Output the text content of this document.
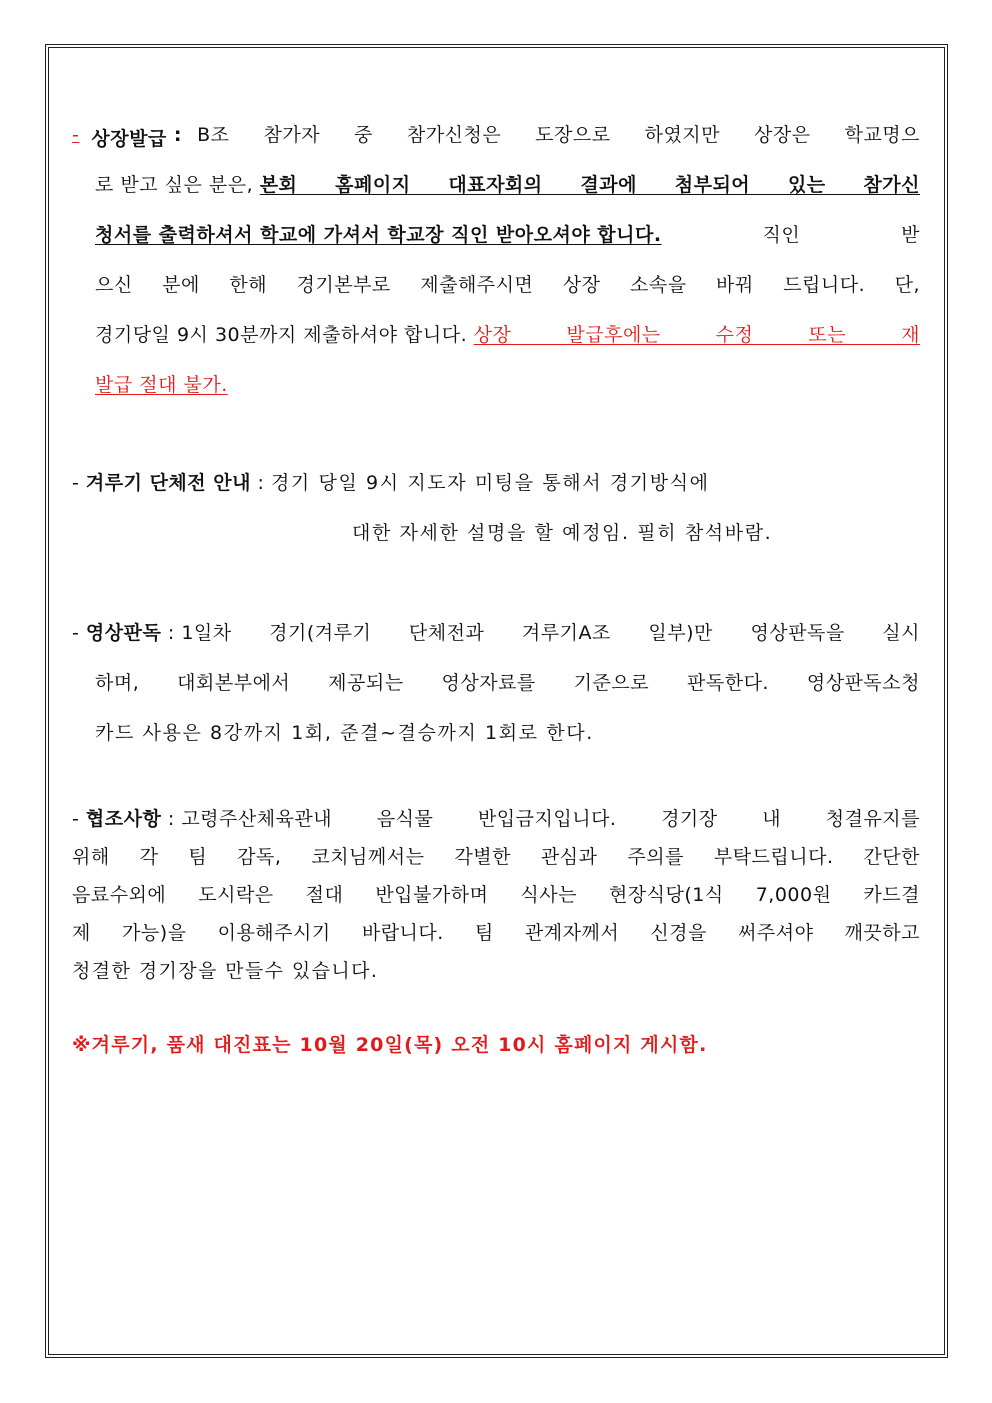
- 상장발급 : B조 참가자 중 참가신청은 도장으로 하였지만 상장은 학교명으
로 받고 싶은 분은, 본회 홈페이지 대표자회의 결과에 첨부되어 있는 참가신
청서를 출력하셔서 학교에 가셔서 학교장 직인 받아오셔야 합니다. 직인 받
으신 분에 한해 경기본부로 제출해주시면 상장 소속을 바꿔 드립니다. 단,
경기당일 9시 30분까지 제출하셔야 합니다. 상장 발급후에는 수정 또는 재
발급 절대 불가.
- 겨루기 단체전 안내 : 경기 당일 9시 지도자 미팅을 통해서 경기방식에
대한 자세한 설명을 할 예정임. 필히 참석바람.
- 영상판독 : 1일차 경기(겨루기 단체전과 겨루기A조 일부)만 영상판독을 실시
하며, 대회본부에서 제공되는 영상자료를 기준으로 판독한다. 영상판독소청
카드 사용은 8강까지 1회, 준결~결승까지 1회로 한다.
- 협조사항 : 고령주산체육관내 음식물 반입금지입니다. 경기장 내 청결유지를
위해 각 팀 감독, 코치님께서는 각별한 관심과 주의를 부탁드립니다. 간단한
음료수외에 도시락은 절대 반입불가하며 식사는 현장식당(1식 7,000원 카드결
제 가능)을 이용해주시기 바랍니다. 팀 관계자께서 신경을 써주셔야 깨끗하고
청결한 경기장을 만들수 있습니다.
※겨루기, 품새 대진표는 10월 20일(목) 오전 10시 홈페이지 게시함.
